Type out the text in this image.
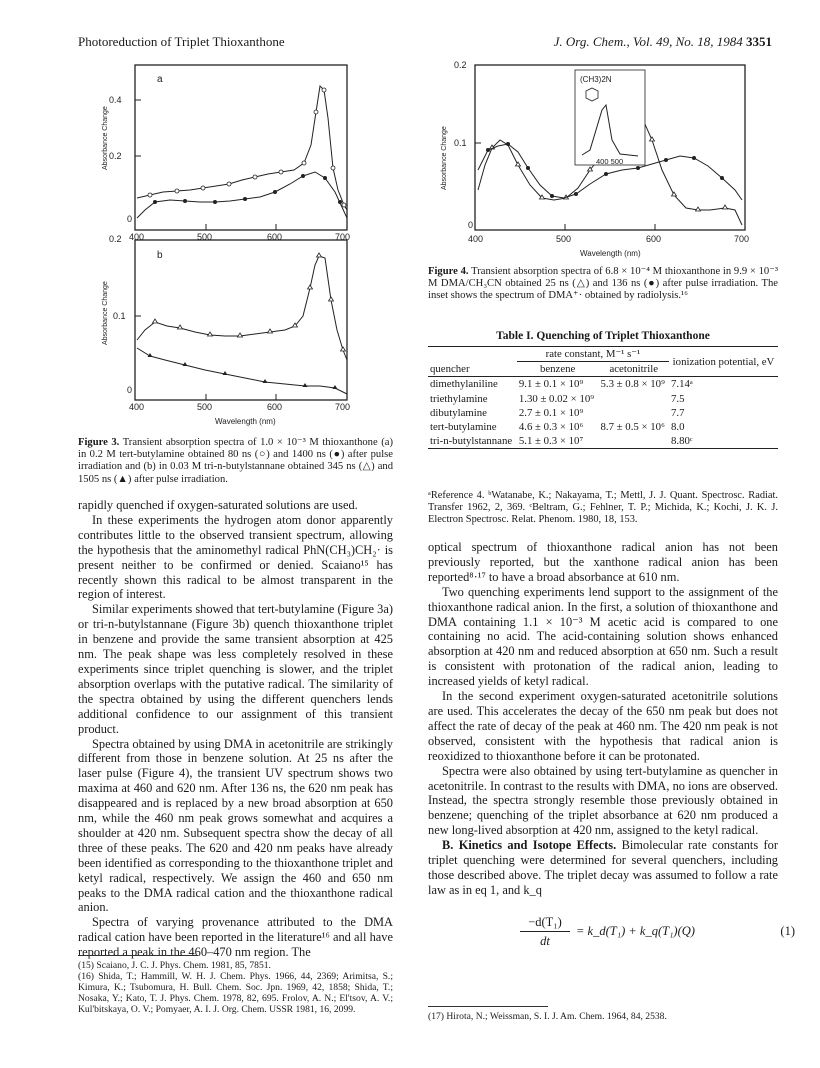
Photoreduction of Triplet Thioxanthone	J. Org. Chem., Vol. 49, No. 18, 1984 3351
a
0.4
0.2
0
Absorbance Change
400	500	600	700
b
0.2
0.1
0
Absorbance Change
400	500	600	700
Wavelength (nm)
Figure 3. Transient absorption spectra of 1.0 × 10⁻³ M thioxanthone (a) in 0.2 M tert-butylamine obtained 80 ns (○) and 1400 ns (●) after pulse irradiation and (b) in 0.03 M tri-n-butylstannane obtained 345 ns (△) and 1505 ns (▲) after pulse irradiation.

rapidly quenched if oxygen-saturated solutions are used.

In these experiments the hydrogen atom donor apparently contributes little to the observed transient spectrum, allowing the hypothesis that the aminomethyl radical PhN(CH₃)CH₂· is present neither to be confirmed or denied. Scaiano¹⁵ has recently shown this radical to be almost transparent in the region of interest.

Similar experiments showed that tert-butylamine (Figure 3a) or tri-n-butylstannane (Figure 3b) quench thioxanthone triplet in benzene and provide the same transient absorption at 425 nm. The peak shape was less completely resolved in these experiments since triplet quenching is slower, and the triplet absorption overlaps with the putative radical. The similarity of the spectra obtained by using the different quenchers lends additional confidence to our assignment of this transient product.

Spectra obtained by using DMA in acetonitrile are strikingly different from those in benzene solution. At 25 ns after the laser pulse (Figure 4), the transient UV spectrum shows two maxima at 460 and 620 nm. After 136 ns, the 620 nm peak has disappeared and is replaced by a new broad absorption at 650 nm, while the 460 nm peak grows somewhat and acquires a shoulder at 420 nm. Subsequent spectra show the decay of all three of these peaks. The 620 and 420 nm peaks have already been identified as corresponding to the thioxanthone triplet and ketyl radical, respectively. We assign the 460 and 650 nm peaks to the DMA radical cation and the thioxanthone radical anion.

Spectra of varying provenance attributed to the DMA radical cation have been reported in the literature¹⁶ and all have reported a peak in the 460–470 nm region. The

(15) Scaiano, J. C. J. Phys. Chem. 1981, 85, 7851.
(16) Shida, T.; Hammill, W. H. J. Chem. Phys. 1966, 44, 2369; Arimitsa, S.; Kimura, K.; Tsubomura, H. Bull. Chem. Soc. Jpn. 1969, 42, 1858; Shida, T.; Nosaka, Y.; Kato, T. J. Phys. Chem. 1978, 82, 695. Frolov, A. N.; El'tsov, A. V.; Kul'bitskaya, O. V.; Pomyaer, A. I. J. Org. Chem. USSR 1981, 16, 2099.
0.2
0.1
0
Absorbance Change
(CH3)2N
400 500
400	500	600	700
Wavelength (nm)
Figure 4. Transient absorption spectra of 6.8 × 10⁻⁴ M thioxanthone in 9.9 × 10⁻³ M DMA/CH₃CN obtained 25 ns (△) and 136 ns (●) after pulse irradiation. The inset shows the spectrum of DMA⁺· obtained by radiolysis.¹⁶
Table I. Quenching of Triplet Thioxanthone
quencher	rate constant, M⁻¹ s⁻¹		ionization potential, eV
	benzene	acetonitrile	
dimethylaniline	9.1 ± 0.1 × 10⁹	5.3 ± 0.8 × 10⁹	7.14ᵃ
triethylamine	1.30 ± 0.02 × 10⁹		7.5
dibutylamine	2.7 ± 0.1 × 10⁹		7.7
tert-butylamine	4.6 ± 0.3 × 10⁶	8.7 ± 0.5 × 10⁶	8.0
tri-n-butylstannane	5.1 ± 0.3 × 10⁷		8.80ᶜ
ᵃReference 4. ᵇWatanabe, K.; Nakayama, T.; Mettl, J. J. Quant. Spectrosc. Radiat. Transfer 1962, 2, 369. ᶜBeltram, G.; Fehlner, T. P.; Michida, K.; Kochi, J. K. J. Electron Spectrosc. Relat. Phenom. 1980, 18, 153.

optical spectrum of thioxanthone radical anion has not been previously reported, but the xanthone radical anion has been reported⁸·¹⁷ to have a broad absorbance at 610 nm.

Two quenching experiments lend support to the assignment of the thioxanthone radical anion. In the first, a solution of thioxanthone and DMA containing 1.1 × 10⁻³ M acetic acid is compared to one containing no acid. The acid-containing solution shows enhanced absorption at 420 nm and reduced absorption at 650 nm. Such a result is consistent with protonation of the radical anion, leading to increased yields of ketyl radical.

In the second experiment oxygen-saturated acetonitrile solutions are used. This accelerates the decay of the 650 nm peak but does not affect the rate of decay of the peak at 460 nm. The 420 nm peak is not observed, consistent with the hypothesis that radical anion is reoxidized to thioxanthone before it can be protonated.

Spectra were also obtained by using tert-butylamine as quencher in acetonitrile. In contrast to the results with DMA, no ions are observed. Instead, the spectra strongly resemble those previously obtained in benzene; quenching of the triplet absorbance at 620 nm produced a new long-lived absorption at 420 nm, assigned to the ketyl radical.

B. Kinetics and Isotope Effects. Bimolecular rate constants for triplet quenching were determined for several quenchers, including those described above. The triplet decay was assumed to follow a rate law as in eq 1, and k_q

−d(T₁)
dt
= k_d(T₁) + k_q(T₁)(Q)	(1)
(17) Hirota, N.; Weissman, S. I. J. Am. Chem. 1964, 84, 2538.
